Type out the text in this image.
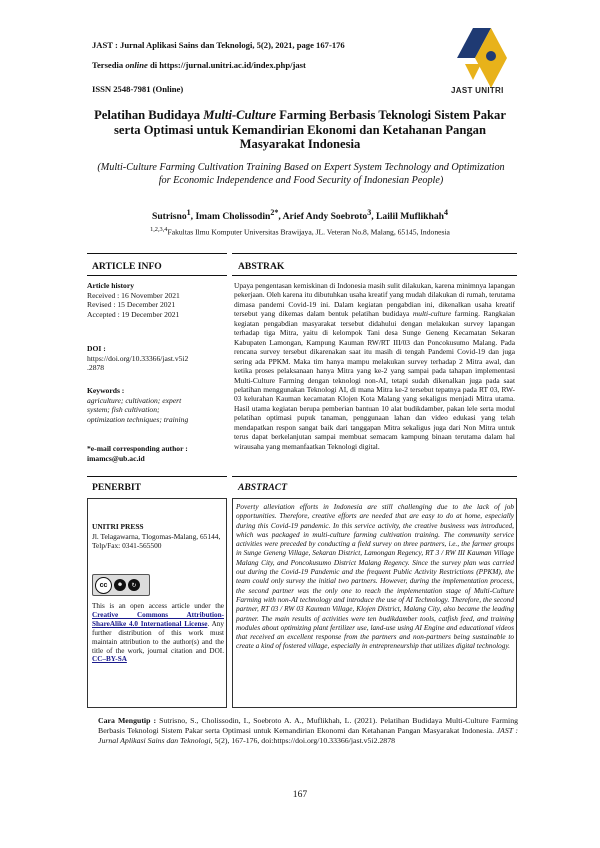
JAST : Jurnal Aplikasi Sains dan Teknologi, 5(2), 2021, page 167-176
Tersedia online di https://jurnal.unitri.ac.id/index.php/jast
ISSN 2548-7981 (Online)	JAST UNITRI
Pelatihan Budidaya Multi-Culture Farming Berbasis Teknologi Sistem Pakar serta Optimasi untuk Kemandirian Ekonomi dan Ketahanan Pangan Masyarakat Indonesia
(Multi-Culture Farming Cultivation Training Based on Expert System Technology and Optimization for Economic Independence and Food Security of Indonesian People)
Sutrisno$^1$, Imam Cholissodin$^{2*}$, Arief Andy Soebroto$^3$, Lailil Muflikhah$^4$
$^{1,2,3,4}$Fakultas Ilmu Komputer Universitas Brawijaya, JL. Veteran No.8, Malang, 65145, Indonesia
ARTICLE INFO	ABSTRAK
Article history
Received : 16 November 2021
Revised : 15 December 2021
Accepted : 19 December 2021
DOI :
https://doi.org/10.33366/jast.v5i2
.2878
Keywords :
agriculture; cultivation; expert
system; fish cultivation;
optimization techniques; training
*e-mail corresponding author :
imamcs@ub.ac.id
Upaya pengentasan kemiskinan di Indonesia masih sulit dilakukan, karena minimnya lapangan pekerjaan. Oleh karena itu dibutuhkan usaha kreatif yang mudah dilakukan di rumah, terutama dimasa pandemi Covid-19 ini. Dalam kegiatan pengabdian ini, dikenalkan usaha kreatif tersebut yang dikemas dalam bentuk pelatihan budidaya multi-culture farming. Rangkaian kegiatan pengabdian masyarakat tersebut didahului dengan melakukan survey lapangan terhadap tiga Mitra, yaitu di kelompok Tani desa Sunge Geneng Kecamatan Sekaran Kabupaten Lamongan, Kampung Kauman RW/RT III/03 dan Poncokusumo Malang. Pada rencana survey tersebut dikarenakan saat itu masih di tengah Pandemi Covid-19 dan juga sering ada PPKM. Maka tim hanya mampu melakukan survey terhadap 2 Mitra awal, dan ketika proses pelaksanaan hanya Mitra yang ke-2 yang sampai pada tahapan implementasi Multi-Culture Farming dengan teknologi non-AI, tetapi sudah dikenalkan juga pada saat pelatihan menggunakan Teknologi AI, di mana Mitra ke-2 tersebut tepatnya pada RT 03, RW-03 kelurahan Kauman kecamatan Klojen Kota Malang yang sekaligus menjadi Mitra utama. Hasil utama kegiatan berupa pemberian bantuan 10 alat budikdamber, pakan lele serta modul pelatihan optimasi pupuk tanaman, penggunaan lahan dan video edukasi yang telah mendapatkan respon sangat baik dari tanggapan Mitra sekaligus juga dari Non Mitra untuk terus dapat berkelanjutan sampai membuat semacam kampung binaan terutama dalam hal wirausaha yang memanfaatkan Teknologi digital.
PENERBIT	ABSTRACT
UNITRI PRESS
Jl. Telagawarna, Tlogomas-Malang, 65144, Telp/Fax: 0341-565500
cc	☻	↻
This is an open access article under the Creative Commons Attribution-ShareAlike 4.0 International License. Any further distribution of this work must maintain attribution to the author(s) and the title of the work, journal citation and DOI. CC–BY-SA
Poverty alleviation efforts in Indonesia are still challenging due to the lack of job opportunities. Therefore, creative efforts are needed that are easy to do at home, especially during this Covid-19 pandemic. In this service activity, the creative business was introduced, which was packaged in multi-culture farming cultivation training. The community service activities were preceded by conducting a field survey on three partners, i.e., the farmer groups in Sunge Geneng Village, Sekaran District, Lamongan Regency, RT 3 / RW III Kauman Village Malang City, and Poncokusumo District Malang Regency. Since the survey plan was carried out during the Covid-19 Pandemic and the frequent Public Activity Restrictions (PPKM), the team could only survey the initial two partners. However, during the implementation process, the second partner was the only one to reach the implementation stage of Multi-Culture Farming with non-AI technology and introduce the use of AI Technology. Therefore, the second partner, RT 03 / RW 03 Kauman Village, Klojen District, Malang City, also became the leading partner. The main results of activities were ten budikdamber tools, catfish feed, and training modules about optimizing plant fertilizer use, land-use using AI Engine and educational videos that received an excellent response from the partners and non-partners being sustainable to create a kind of fostered village, especially in entrepreneurship that utilizes digital technology.
Cara Mengutip : Sutrisno, S., Cholissodin, I., Soebroto A. A., Muflikhah, L. (2021). Pelatihan Budidaya Multi-Culture Farming Berbasis Teknologi Sistem Pakar serta Optimasi untuk Kemandirian Ekonomi dan Ketahanan Pangan Masyarakat Indonesia. JAST : Jurnal Aplikasi Sains dan Teknologi, 5(2), 167-176, doi:https://doi.org/10.33366/jast.v5i2.2878
167
